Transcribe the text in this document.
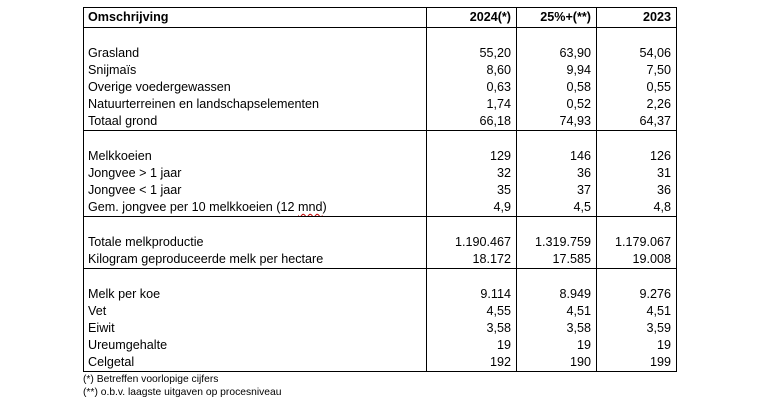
Omschrijving	2024(*)	25%+(**)	2023

Grasland	55,20	63,90	54,06
Snijmaïs	8,60	9,94	7,50
Overige voedergewassen	0,63	0,58	0,55
Natuurterreinen en landschapselementen	1,74	0,52	2,26
Totaal grond	66,18	74,93	64,37

Melkkoeien	129	146	126
Jongvee > 1 jaar	32	36	31
Jongvee < 1 jaar	35	37	36
Gem. jongvee per 10 melkkoeien (12 mnd)	4,9	4,5	4,8

Totale melkproductie	1.190.467	1.319.759	1.179.067
Kilogram geproduceerde melk per hectare	18.172	17.585	19.008

Melk per koe	9.114	8.949	9.276
Vet	4,55	4,51	4,51
Eiwit	3,58	3,58	3,59
Ureumgehalte	19	19	19
Celgetal	192	190	199
(*) Betreffen voorlopige cijfers
(**) o.b.v. laagste uitgaven op procesniveau
